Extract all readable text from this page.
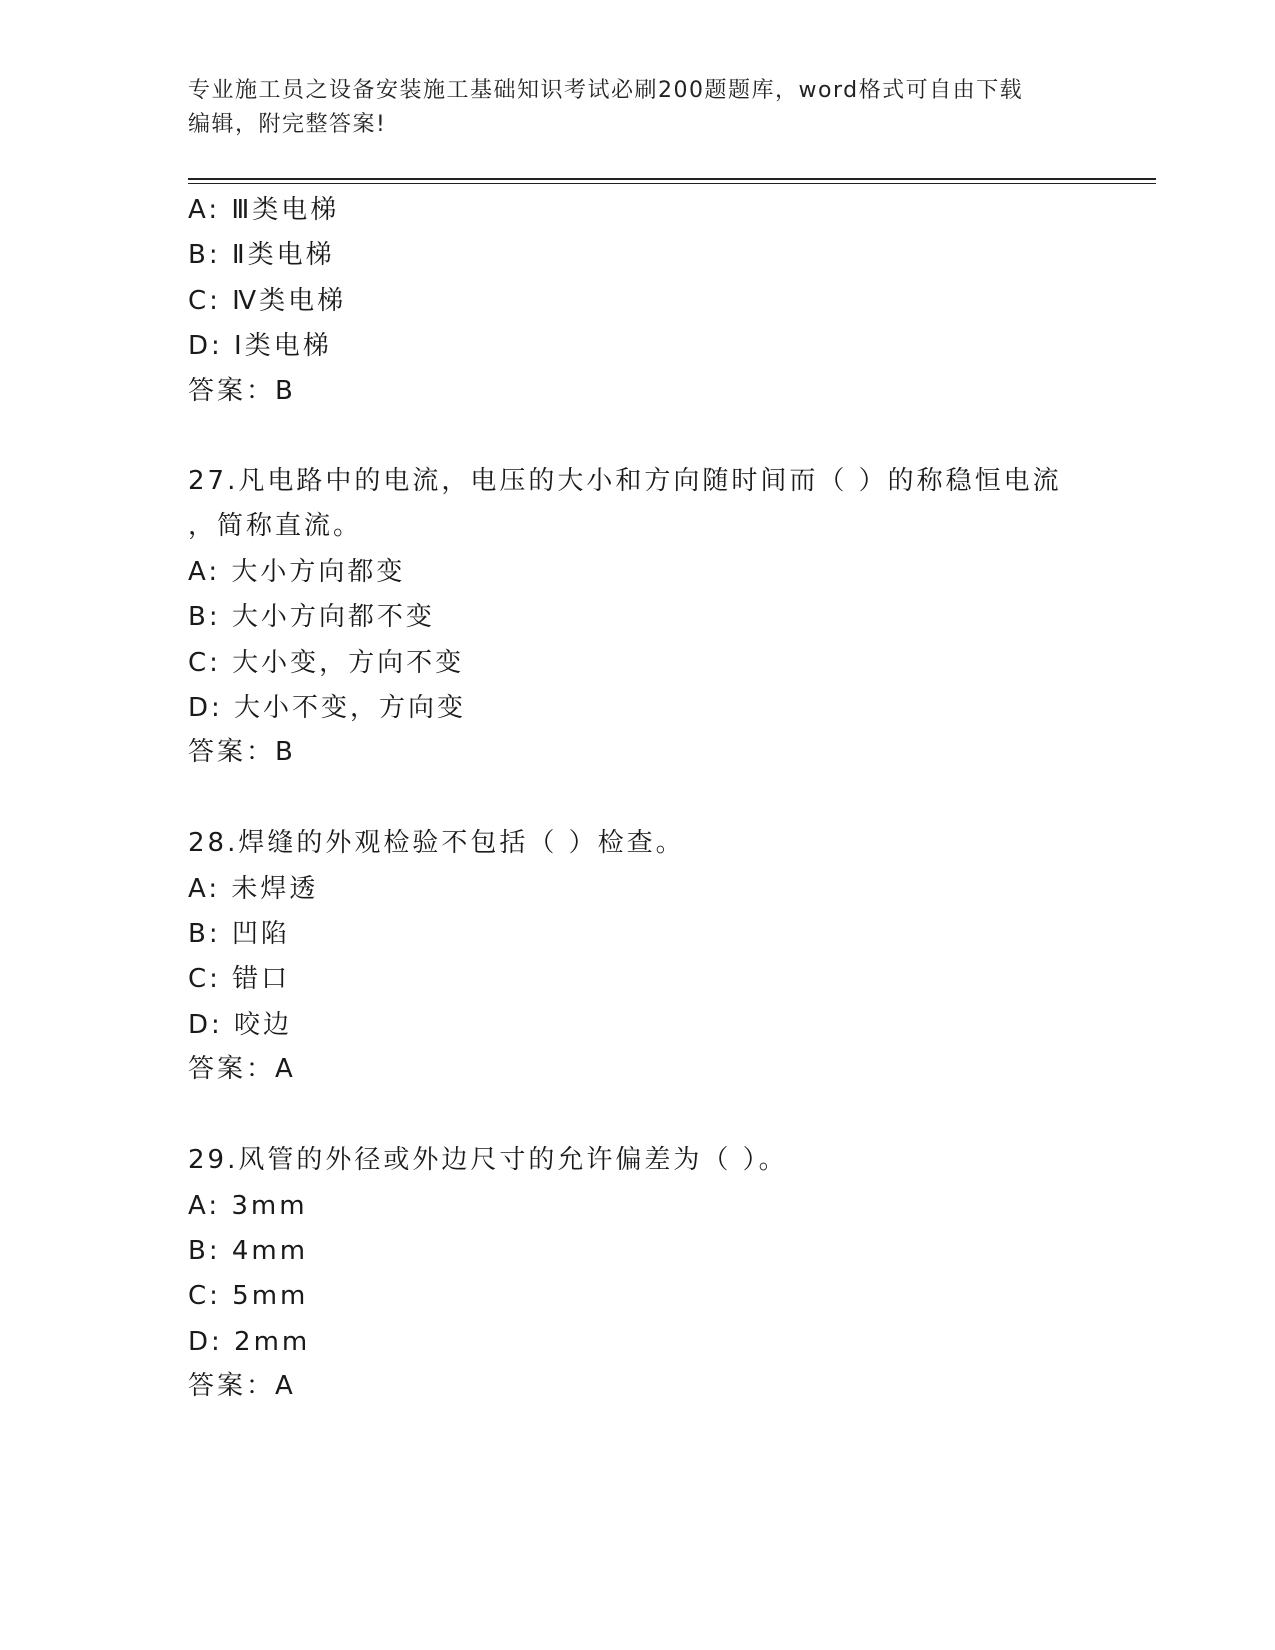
专业施工员之设备安装施工基础知识考试必刷200题题库，word格式可自由下载
编辑，附完整答案!
A: Ⅲ类电梯
B: Ⅱ类电梯
C: Ⅳ类电梯
D: Ⅰ类电梯
答案：B
27.凡电路中的电流，电压的大小和方向随时间而（ ）的称稳恒电流
，简称直流。
A: 大小方向都变
B: 大小方向都不变
C: 大小变，方向不变
D: 大小不变，方向变
答案：B
28.焊缝的外观检验不包括（ ）检查。
A: 未焊透
B: 凹陷
C: 错口
D: 咬边
答案：A
29.风管的外径或外边尺寸的允许偏差为（ ）。
A: 3mm
B: 4mm
C: 5mm
D: 2mm
答案：A
